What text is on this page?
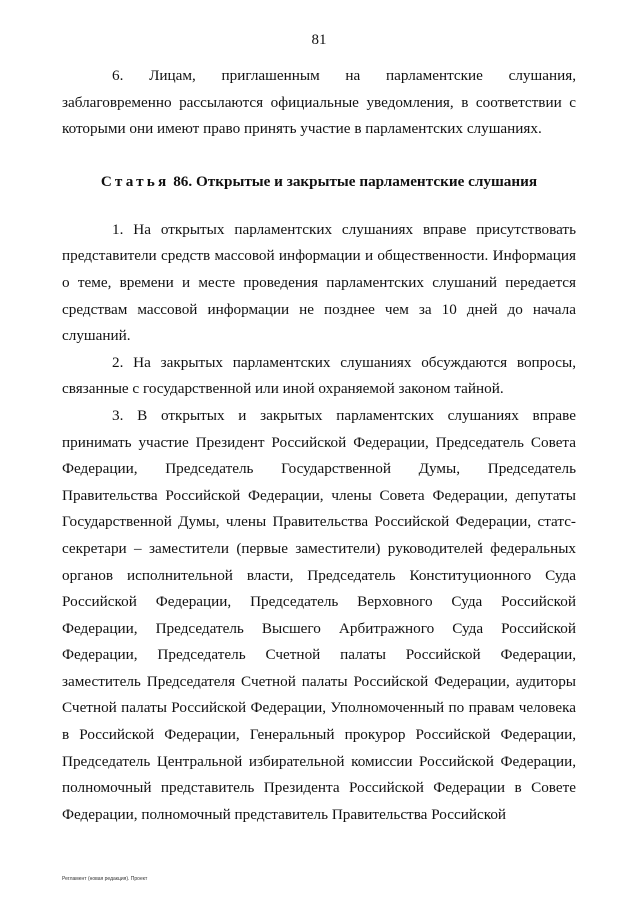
81

6. Лицам, приглашенным на парламентские слушания, заблаговременно рассылаются официальные уведомления, в соответствии с которыми они имеют право принять участие в парламентских слушаниях.

Статья 86. Открытые и закрытые парламентские слушания

1. На открытых парламентских слушаниях вправе присутствовать представители средств массовой информации и общественности. Информация о теме, времени и месте проведения парламентских слушаний передается средствам массовой информации не позднее чем за 10 дней до начала слушаний.

2. На закрытых парламентских слушаниях обсуждаются вопросы, связанные с государственной или иной охраняемой законом тайной.

3. В открытых и закрытых парламентских слушаниях вправе принимать участие Президент Российской Федерации, Председатель Совета Федерации, Председатель Государственной Думы, Председатель Правительства Российской Федерации, члены Совета Федерации, депутаты Государственной Думы, члены Правительства Российской Федерации, статс-секретари – заместители (первые заместители) руководителей федеральных органов исполнительной власти, Председатель Конституционного Суда Российской Федерации, Председатель Верховного Суда Российской Федерации, Председатель Высшего Арбитражного Суда Российской Федерации, Председатель Счетной палаты Российской Федерации, заместитель Председателя Счетной палаты Российской Федерации, аудиторы Счетной палаты Российской Федерации, Уполномоченный по правам человека в Российской Федерации, Генеральный прокурор Российской Федерации, Председатель Центральной избирательной комиссии Российской Федерации, полномочный представитель Президента Российской Федерации в Совете Федерации, полномочный представитель Правительства Российской

Регламент (новая редакция). Проект
